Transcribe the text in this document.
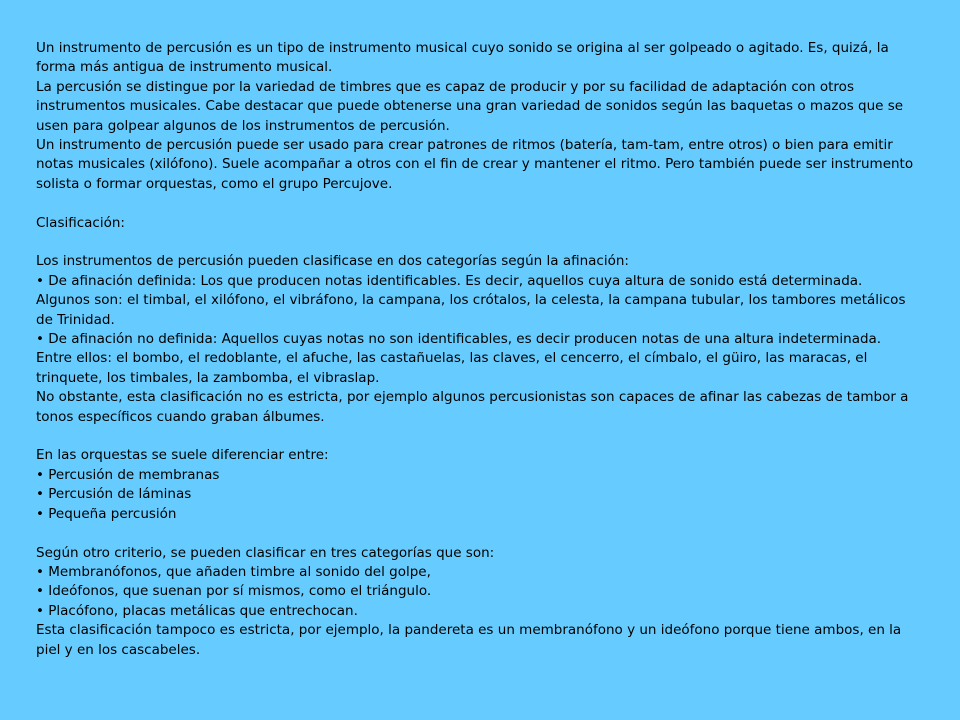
Un instrumento de percusión es un tipo de instrumento musical cuyo sonido se origina al ser golpeado o agitado. Es, quizá, la forma más antigua de instrumento musical.
La percusión se distingue por la variedad de timbres que es capaz de producir y por su facilidad de adaptación con otros instrumentos musicales. Cabe destacar que puede obtenerse una gran variedad de sonidos según las baquetas o mazos que se usen para golpear algunos de los instrumentos de percusión.
Un instrumento de percusión puede ser usado para crear patrones de ritmos (batería, tam-tam, entre otros) o bien para emitir notas musicales (xilófono). Suele acompañar a otros con el fin de crear y mantener el ritmo. Pero también puede ser instrumento solista o formar orquestas, como el grupo Percujove.
Clasificación:
Los instrumentos de percusión pueden clasificase en dos categorías según la afinación:
• De afinación definida: Los que producen notas identificables. Es decir, aquellos cuya altura de sonido está determinada.
Algunos son: el timbal, el xilófono, el vibráfono, la campana, los crótalos, la celesta, la campana tubular, los tambores metálicos de Trinidad.
• De afinación no definida: Aquellos cuyas notas no son identificables, es decir producen notas de una altura indeterminada.
Entre ellos: el bombo, el redoblante, el afuche, las castañuelas, las claves, el cencerro, el címbalo, el güiro, las maracas, el trinquete, los timbales, la zambomba, el vibraslap.
No obstante, esta clasificación no es estricta, por ejemplo algunos percusionistas son capaces de afinar las cabezas de tambor a tonos específicos cuando graban álbumes.
En las orquestas se suele diferenciar entre:
• Percusión de membranas
• Percusión de láminas
• Pequeña percusión
Según otro criterio, se pueden clasificar en tres categorías que son:
• Membranófonos, que añaden timbre al sonido del golpe,
• Ideófonos, que suenan por sí mismos, como el triángulo.
• Placófono, placas metálicas que entrechocan.
Esta clasificación tampoco es estricta, por ejemplo, la pandereta es un membranófono y un ideófono porque tiene ambos, en la piel y en los cascabeles.
